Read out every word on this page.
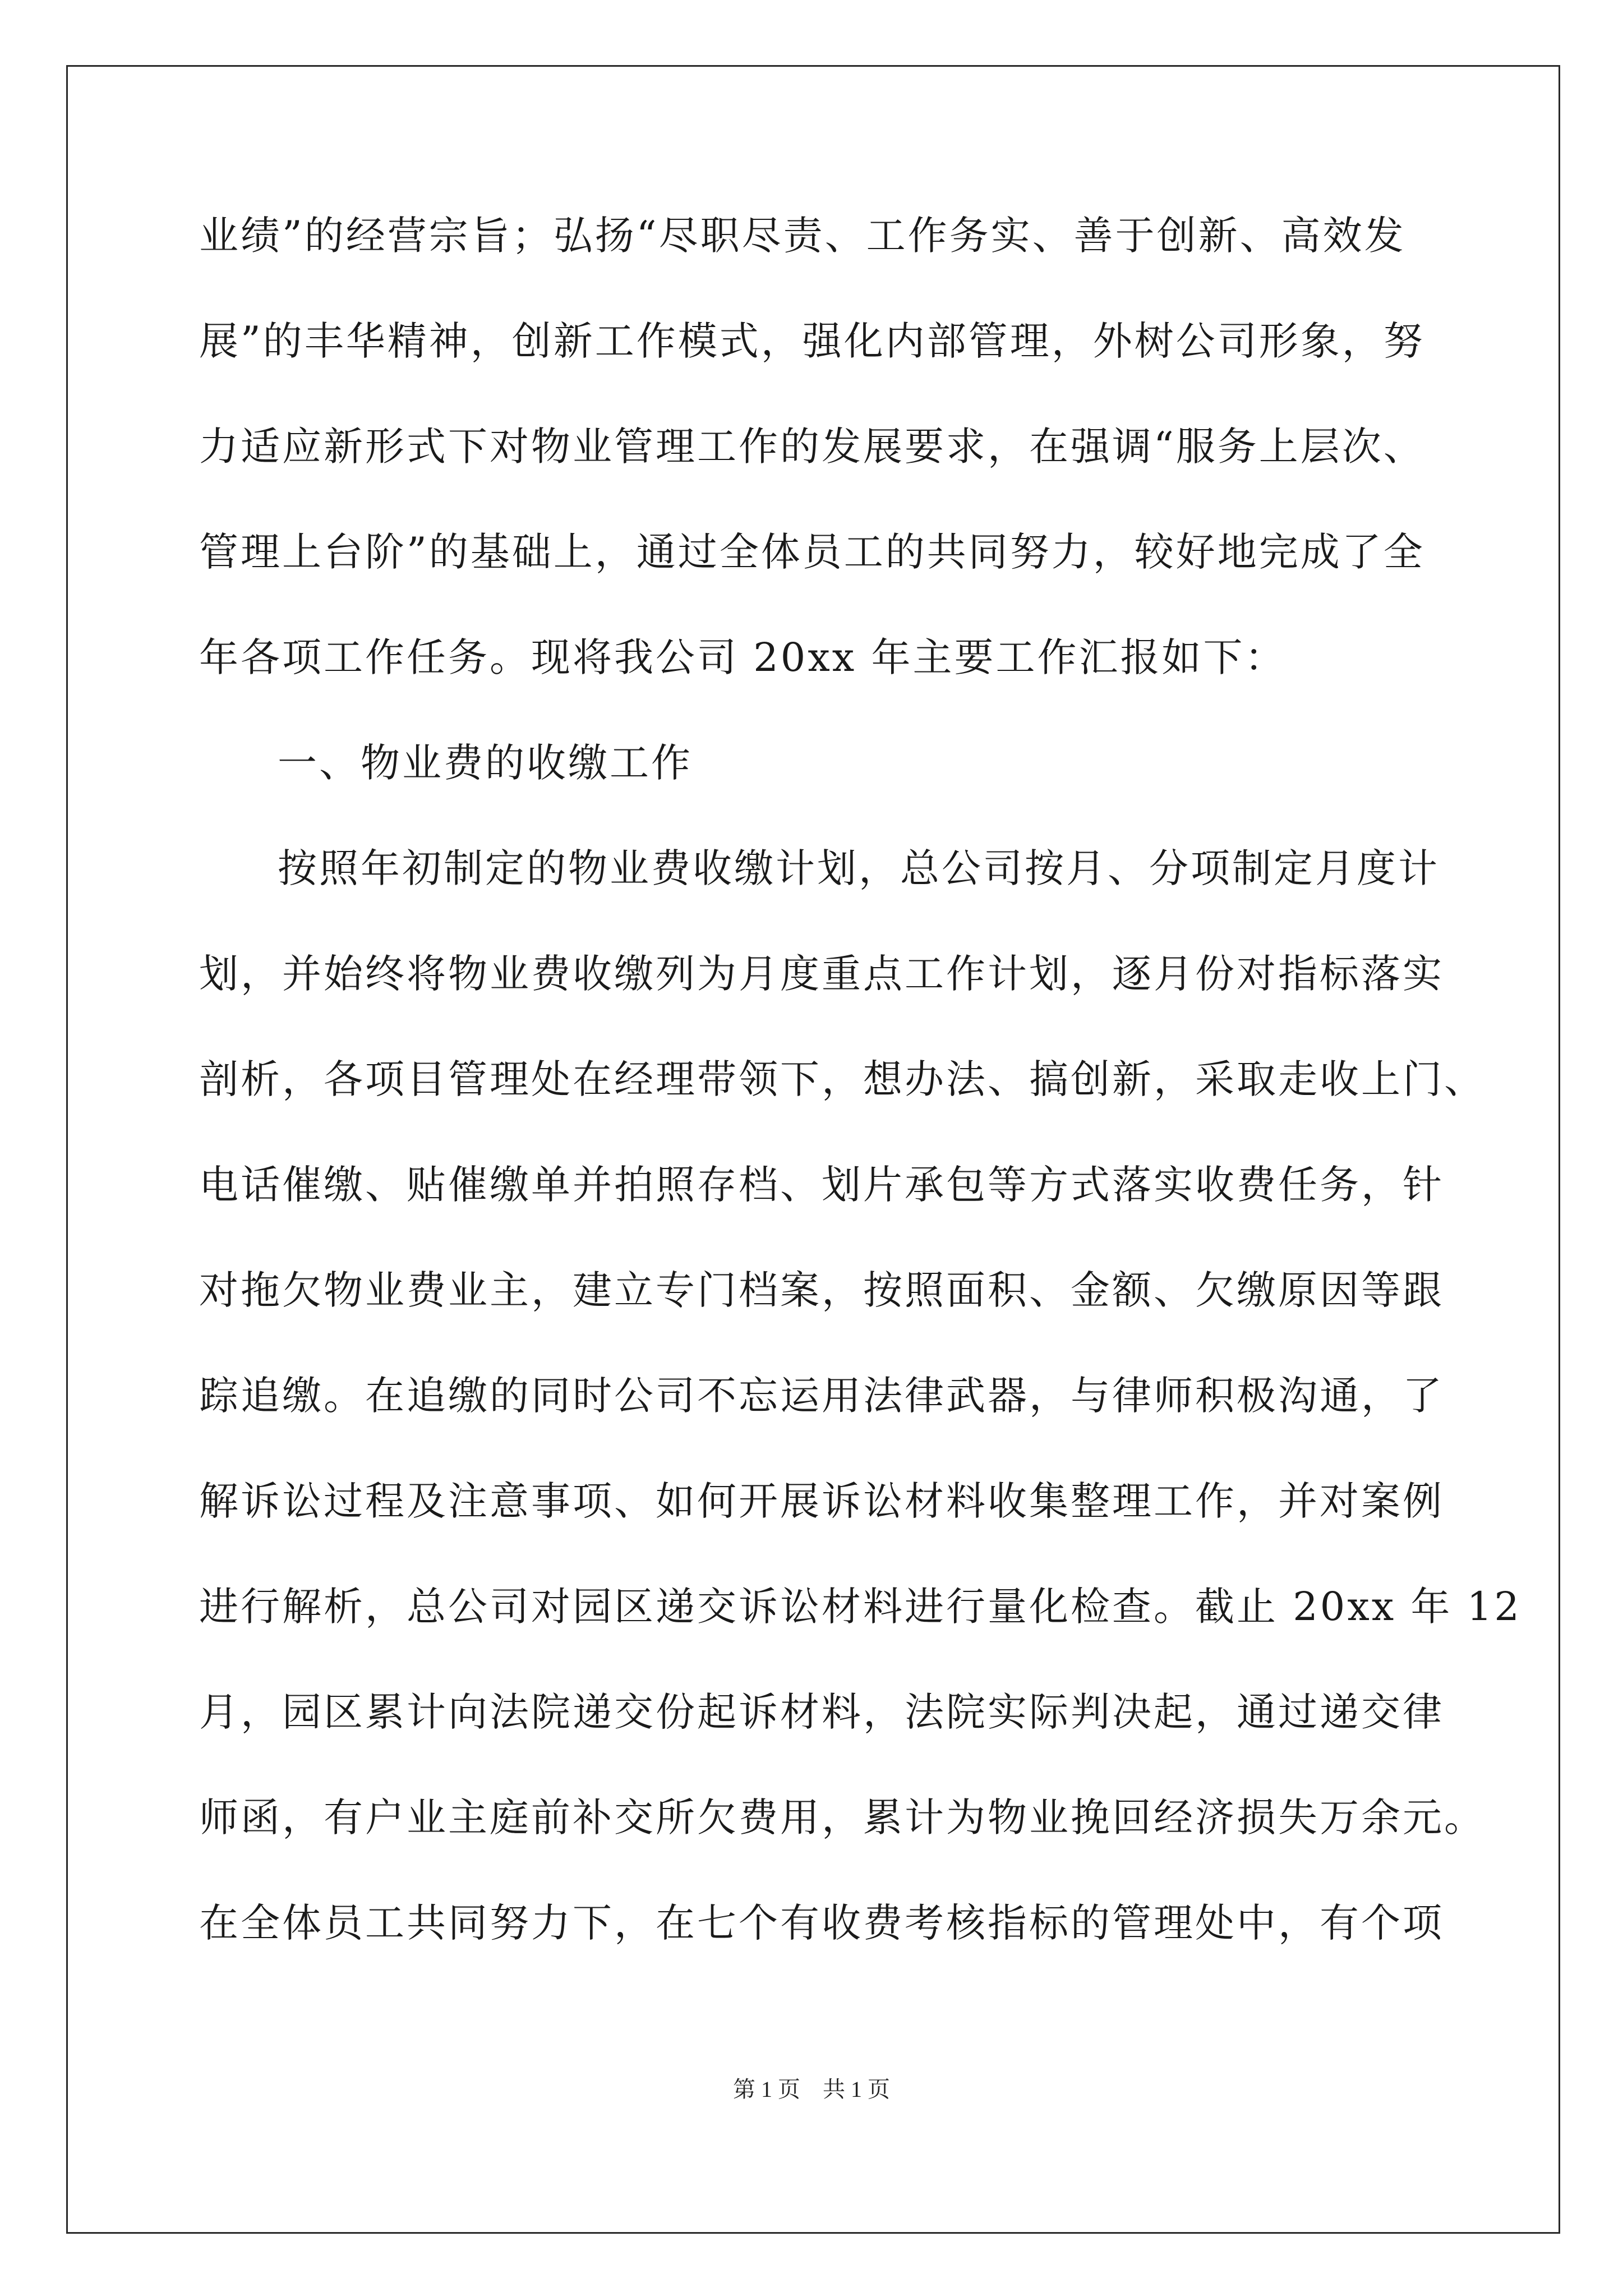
业绩”的经营宗旨；弘扬“尽职尽责、工作务实、善于创新、高效发
展”的丰华精神，创新工作模式，强化内部管理，外树公司形象，努
力适应新形式下对物业管理工作的发展要求，在强调“服务上层次、
管理上台阶”的基础上，通过全体员工的共同努力，较好地完成了全
年各项工作任务。现将我公司 20xx 年主要工作汇报如下：
一、物业费的收缴工作
按照年初制定的物业费收缴计划，总公司按月、分项制定月度计
划，并始终将物业费收缴列为月度重点工作计划，逐月份对指标落实
剖析，各项目管理处在经理带领下，想办法、搞创新，采取走收上门、
电话催缴、贴催缴单并拍照存档、划片承包等方式落实收费任务，针
对拖欠物业费业主，建立专门档案，按照面积、金额、欠缴原因等跟
踪追缴。在追缴的同时公司不忘运用法律武器，与律师积极沟通，了
解诉讼过程及注意事项、如何开展诉讼材料收集整理工作，并对案例
进行解析，总公司对园区递交诉讼材料进行量化检查。截止 20xx 年 12
月，园区累计向法院递交份起诉材料，法院实际判决起，通过递交律
师函，有户业主庭前补交所欠费用，累计为物业挽回经济损失万余元。
在全体员工共同努力下，在七个有收费考核指标的管理处中，有个项
第 1 页 共 1 页
